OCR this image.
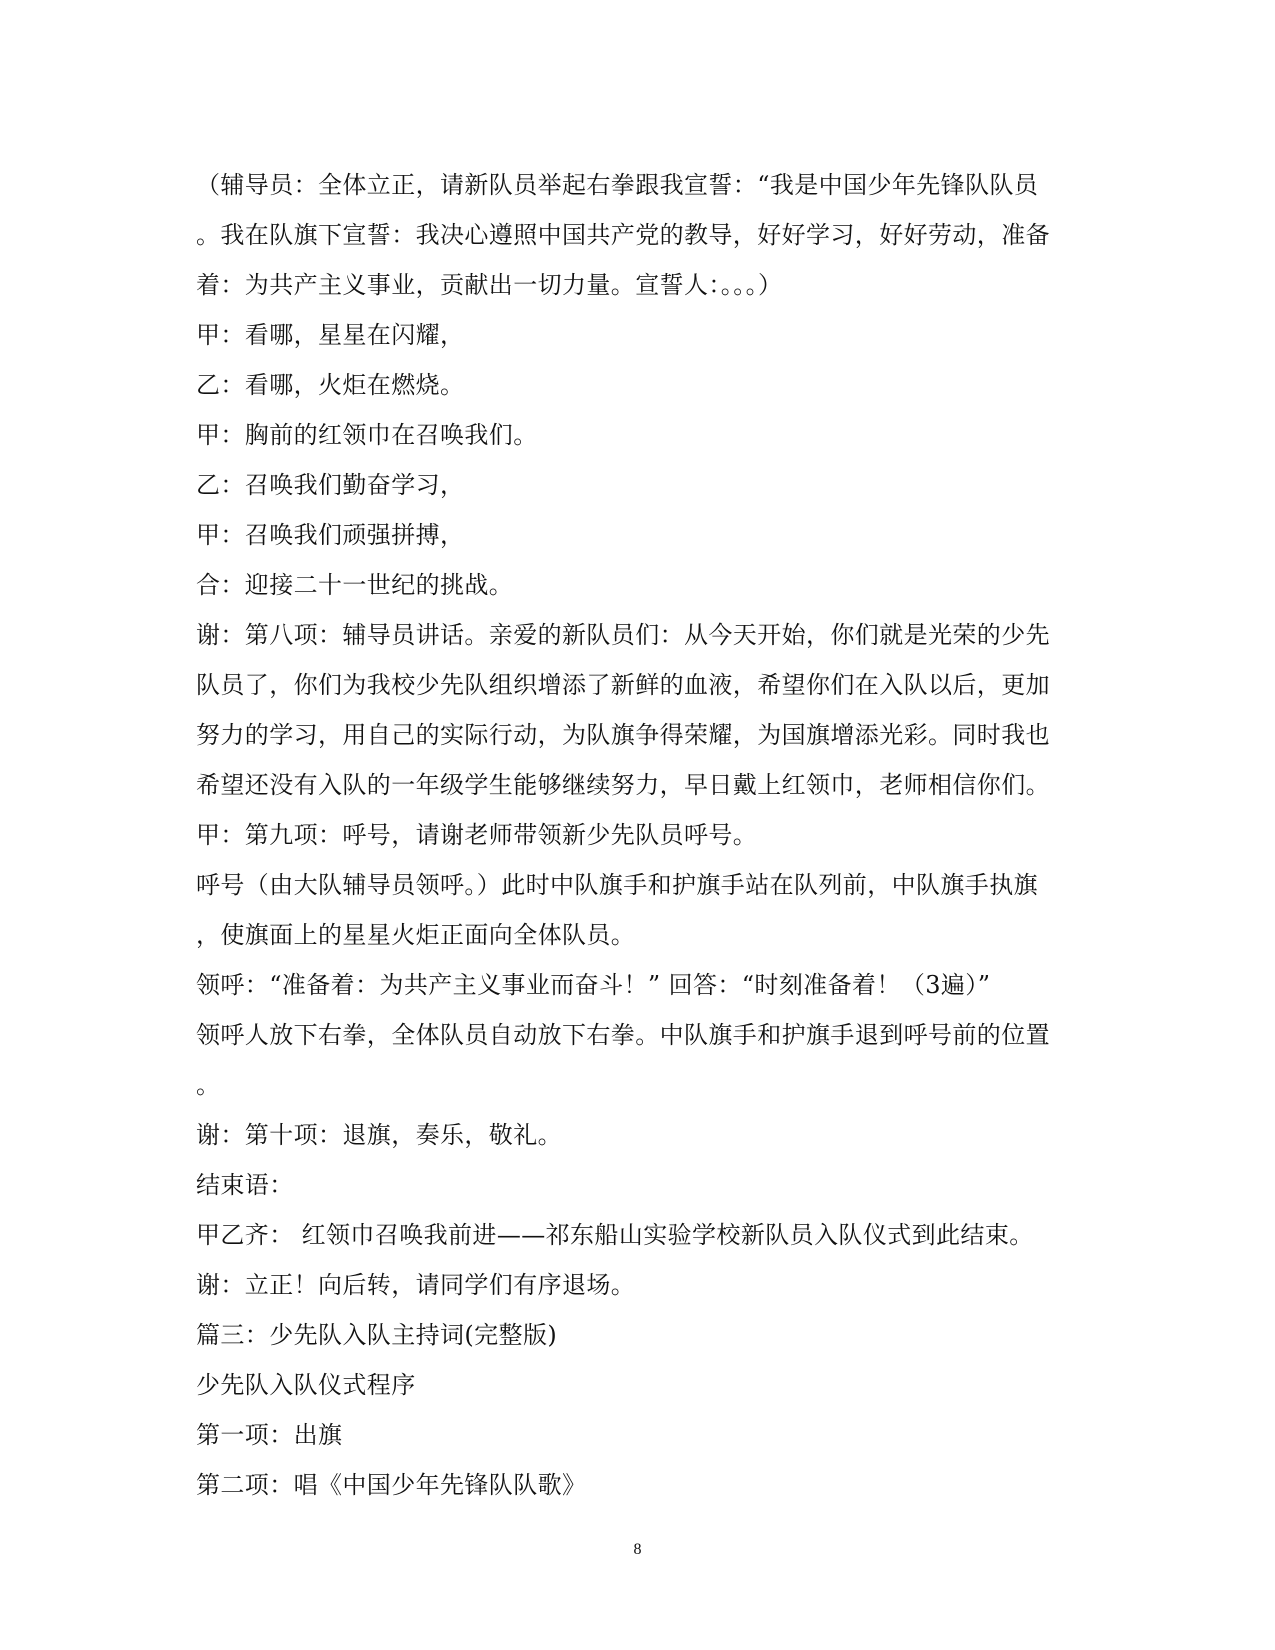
（辅导员：全体立正，请新队员举起右拳跟我宣誓：“我是中国少年先锋队队员
。我在队旗下宣誓：我决心遵照中国共产党的教导，好好学习，好好劳动，准备
着：为共产主义事业，贡献出一切力量。宣誓人：。。。）
甲：看哪，星星在闪耀，
乙：看哪，火炬在燃烧。
甲：胸前的红领巾在召唤我们。
乙：召唤我们勤奋学习，
甲：召唤我们顽强拼搏，
合：迎接二十一世纪的挑战。
谢：第八项：辅导员讲话。亲爱的新队员们：从今天开始，你们就是光荣的少先
队员了，你们为我校少先队组织增添了新鲜的血液，希望你们在入队以后，更加
努力的学习，用自己的实际行动，为队旗争得荣耀，为国旗增添光彩。同时我也
希望还没有入队的一年级学生能够继续努力，早日戴上红领巾，老师相信你们。
甲：第九项：呼号，请谢老师带领新少先队员呼号。
呼号（由大队辅导员领呼。）此时中队旗手和护旗手站在队列前，中队旗手执旗
，使旗面上的星星火炬正面向全体队员。
领呼：“准备着：为共产主义事业而奋斗！” 回答：“时刻准备着！（3遍）”
领呼人放下右拳，全体队员自动放下右拳。中队旗手和护旗手退到呼号前的位置
。
谢：第十项：退旗，奏乐，敬礼。
结束语：
甲乙齐： 红领巾召唤我前进——祁东船山实验学校新队员入队仪式到此结束。
谢：立正！向后转，请同学们有序退场。
篇三：少先队入队主持词(完整版)
少先队入队仪式程序
第一项：出旗
第二项：唱《中国少年先锋队队歌》
8
